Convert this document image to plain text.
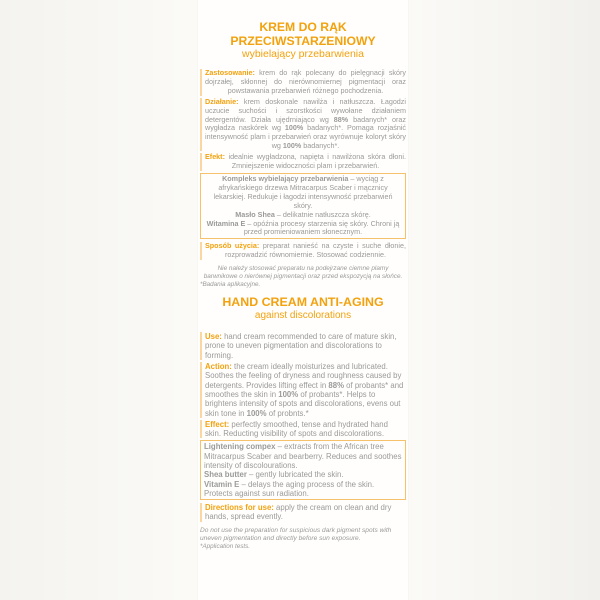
KREM DO RĄK
PRZECIWSTARZENIOWY
wybielający przebarwienia
Zastosowanie: krem do rąk polecany do pielęgnacji skóry dojrzałej, skłonnej do nierównomiernej pigmentacji oraz powstawania przebarwień różnego pochodzenia.
Działanie: krem doskonale nawilża i natłuszcza. Łagodzi uczucie suchości i szorstkości wywołane działaniem detergentów. Działa ujędrniająco wg 88% badanych* oraz wygładza naskórek wg 100% badanych*. Pomaga rozjaśnić intensywność plam i przebarwień oraz wyrównuje koloryt skóry wg 100% badanych*.
Efekt: idealnie wygładzona, napięta i nawilżona skóra dłoni. Zmniejszenie widoczności plam i przebarwień.
Kompleks wybielający przebarwienia – wyciąg z afrykańskiego drzewa Mitracarpus Scaber i mącznicy lekarskiej. Redukuje i łagodzi intensywność przebarwień skóry.
Masło Shea – delikatnie natłuszcza skórę.
Witamina E – opóźnia procesy starzenia się skóry. Chroni ją przed promieniowaniem słonecznym.
Sposób użycia: preparat nanieść na czyste i suche dłonie, rozprowadzić równomiernie. Stosować codziennie.
Nie należy stosować preparatu na podejrzane ciemne plamy barwnikowe o nierównej pigmentacji oraz przed ekspozycją na słońce.
*Badania aplikacyjne.
HAND CREAM ANTI-AGING
against discolorations
Use: hand cream recommended to care of mature skin, prone to uneven pigmentation and discolorations to forming.
Action: the cream ideally moisturizes and lubricated. Soothes the feeling of dryness and roughness caused by detergents. Provides lifting effect in 88% of probants* and smoothes the skin in 100% of probants*. Helps to brightens intensity of spots and discolorations, evens out skin tone in 100% of probnts.*
Effect: perfectly smoothed, tense and hydrated hand skin. Reducting visibility of spots and discolorations.
Lightening compex – extracts from the African tree Mitracarpus Scaber and bearberry. Reduces and soothes intensity of discolourations.
Shea butter – gently lubricated the skin.
Vitamin E – delays the aging process of the skin. Protects against sun radiation.
Directions for use: apply the cream on clean and dry hands, spread evently.
Do not use the preparation for suspicious dark pigment spots with uneven pigmentation and directly before sun exposure.
*Application tests.
